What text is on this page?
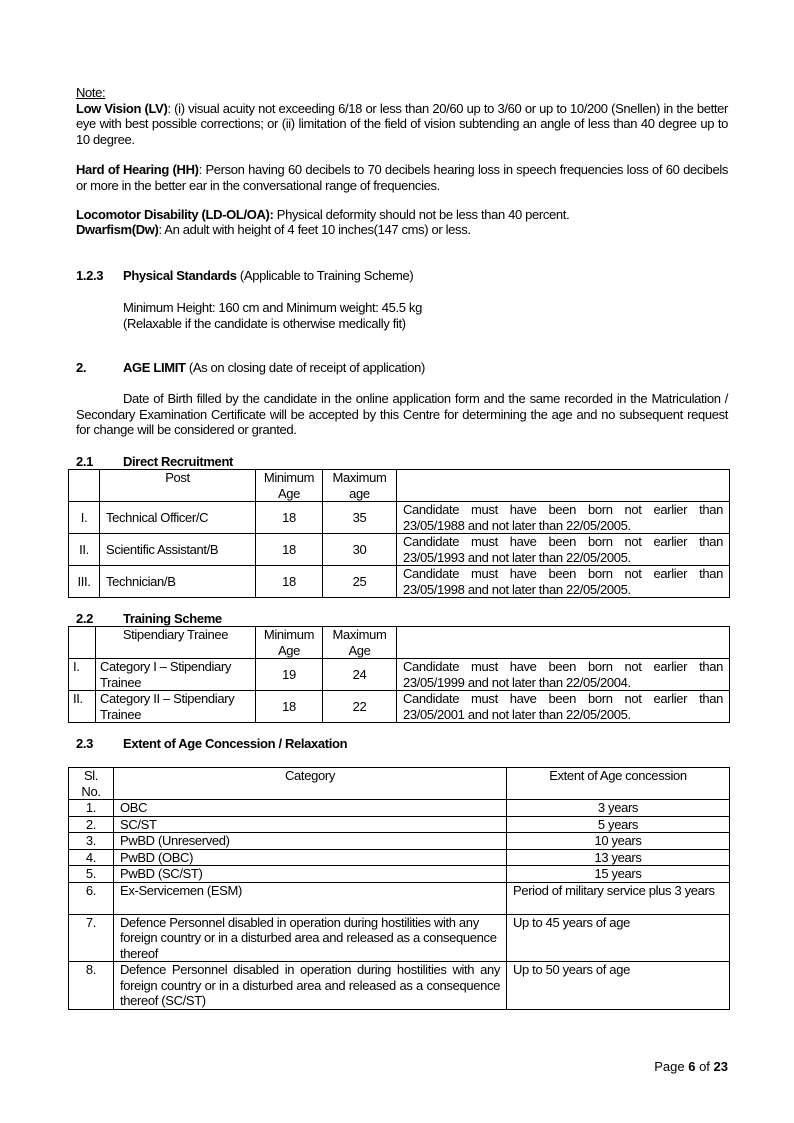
Note:
Low Vision (LV): (i) visual acuity not exceeding 6/18 or less than 20/60 up to 3/60 or up to 10/200 (Snellen) in the better eye with best possible corrections; or (ii) limitation of the field of vision subtending an angle of less than 40 degree up to 10 degree.
Hard of Hearing (HH): Person having 60 decibels to 70 decibels hearing loss in speech frequencies loss of 60 decibels or more in the better ear in the conversational range of frequencies.
Locomotor Disability (LD-OL/OA): Physical deformity should not be less than 40 percent.
Dwarfism(Dw): An adult with height of 4 feet 10 inches(147 cms) or less.
1.2.3 Physical Standards (Applicable to Training Scheme)
Minimum Height: 160 cm and Minimum weight: 45.5 kg
(Relaxable if the candidate is otherwise medically fit)
2.	AGE LIMIT (As on closing date of receipt of application)
Date of Birth filled by the candidate in the online application form and the same recorded in the Matriculation / Secondary Examination Certificate will be accepted by this Centre for determining the age and no subsequent request for change will be considered or granted.
2.1 Direct Recruitment
	Post	Minimum Age	Maximum age	
I.	Technical Officer/C	18	35	Candidate must have been born not earlier than 23/05/1988 and not later than 22/05/2005.
II.	Scientific Assistant/B	18	30	Candidate must have been born not earlier than 23/05/1993 and not later than 22/05/2005.
III.	Technician/B	18	25	Candidate must have been born not earlier than 23/05/1998 and not later than 22/05/2005.
2.2 Training Scheme
	Stipendiary Trainee	Minimum Age	Maximum Age	
I.	Category I – Stipendiary Trainee	19	24	Candidate must have been born not earlier than 23/05/1999 and not later than 22/05/2004.
II.	Category II – Stipendiary Trainee	18	22	Candidate must have been born not earlier than 23/05/2001 and not later than 22/05/2005.
2.3 Extent of Age Concession / Relaxation
Sl. No.	Category	Extent of Age concession
1.	OBC	3 years
2.	SC/ST	5 years
3.	PwBD (Unreserved)	10 years
4.	PwBD (OBC)	13 years
5.	PwBD (SC/ST)	15 years
6.	Ex-Servicemen (ESM)	Period of military service plus 3 years
7.	Defence Personnel disabled in operation during hostilities with any foreign country or in a disturbed area and released as a consequence thereof	Up to 45 years of age
8.	Defence Personnel disabled in operation during hostilities with any foreign country or in a disturbed area and released as a consequence thereof (SC/ST)	Up to 50 years of age
Page 6 of 23
